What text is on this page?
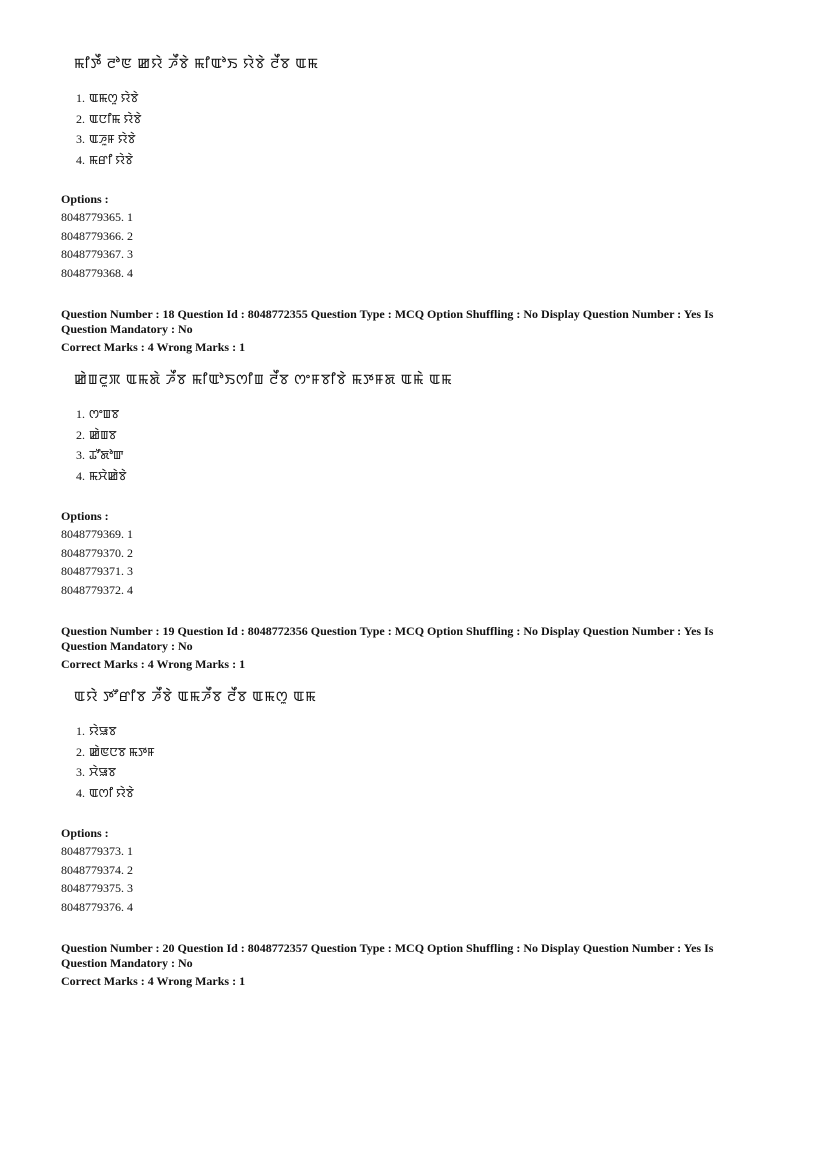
ꯃꯤꯇꯩ ꯂꯣꯟ ꯀꯌꯥ ꯍꯩꯕꯥ ꯃꯤꯑꯣꯏ ꯌꯥꯕꯥ ꯂꯩꯕ ꯑꯃ
1. ꯑꯃꯁꯨ ꯌꯥꯕꯥ
2. ꯑꯅꯤꯃ ꯌꯥꯕꯥ
3. ꯑꯍꯨꯝ ꯌꯥꯕꯥ
4. ꯃꯔꯤ ꯌꯥꯕꯥ
Options :
8048779365. 1
8048779366. 2
8048779367. 3
8048779368. 4
Question Number : 18 Question Id : 8048772355 Question Type : MCQ Option Shuffling : No Display Question Number : Yes Is
Question Mandatory : No
Correct Marks : 4 Wrong Marks : 1
ꯀꯥꯡꯂꯨꯞ ꯑꯃꯗꯥ ꯍꯩꯕ ꯃꯤꯑꯣꯏꯁꯤꯡ ꯂꯩꯕ ꯁꯦꯝꯕꯤꯕꯥ ꯃꯇꯝꯗ ꯑꯃꯥ ꯑꯃ
1. ꯁꯦꯡꯕ
2. ꯀꯥꯡꯕ
3. ꯊꯧꯗꯣꯛ
4. ꯃꯆꯥꯀꯥꯕꯥ
Options :
8048779369. 1
8048779370. 2
8048779371. 3
8048779372. 4
Question Number : 19 Question Id : 8048772356 Question Type : MCQ Option Shuffling : No Display Question Number : Yes Is
Question Mandatory : No
Correct Marks : 4 Wrong Marks : 1
ꯑꯌꯥ ꯇꯧꯔꯤꯕ ꯍꯩꯕꯥ ꯑꯃꯍꯩꯕ ꯂꯩꯕ ꯑꯃꯁꯨ ꯑꯃ
1. ꯌꯥꯎꯕ
2. ꯀꯥꯟꯅꯕ ꯃꯇꯝ
3. ꯆꯥꯎꯕ
4. ꯑꯁꯤ ꯌꯥꯕꯥ
Options :
8048779373. 1
8048779374. 2
8048779375. 3
8048779376. 4
Question Number : 20 Question Id : 8048772357 Question Type : MCQ Option Shuffling : No Display Question Number : Yes Is
Question Mandatory : No
Correct Marks : 4 Wrong Marks : 1
